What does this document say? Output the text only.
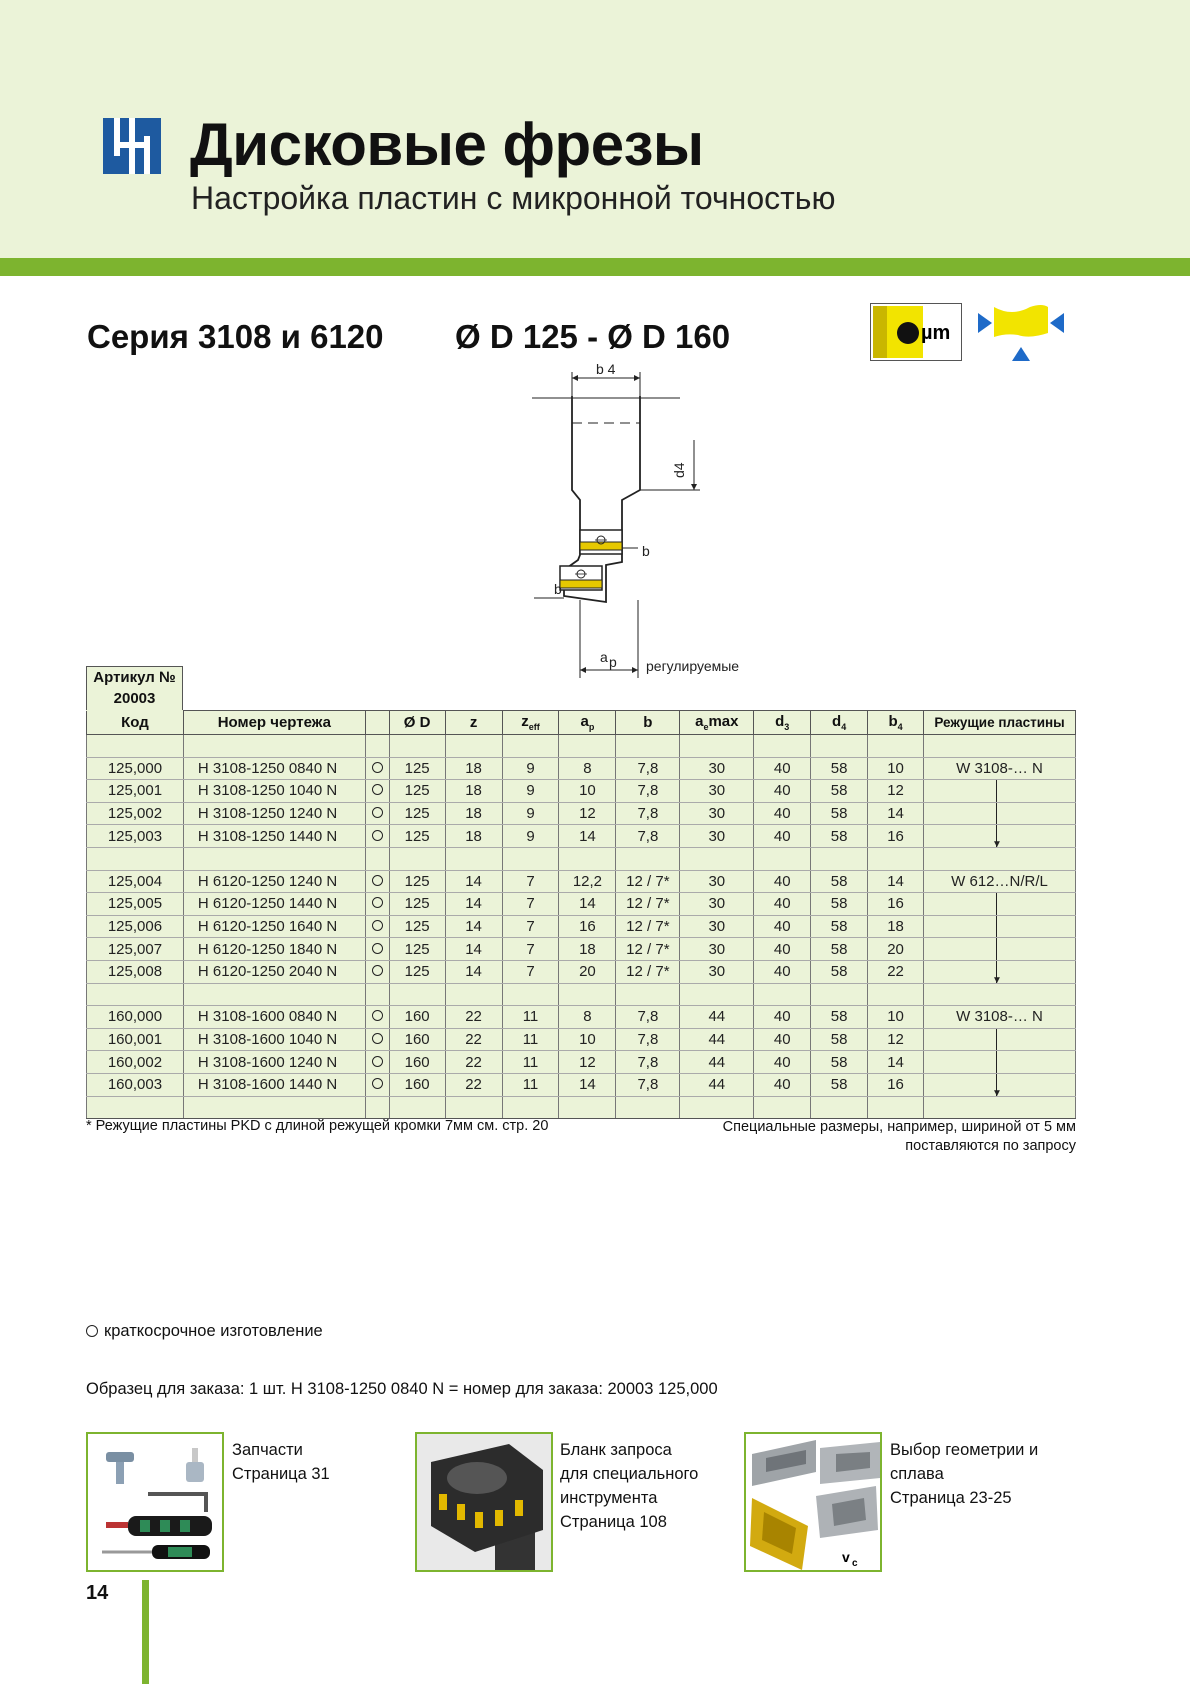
Дисковые фрезы
Настройка пластин с микронной точностью
Серия 3108 и 6120 Ø D 125 - Ø D 160	µm
b 4
d4
b
b
a p регулируемые
Артикул №
20003
Код	Номер чертежа		Ø D	z	$z_{eff}$	$a_p$	b	$a_e\max$	$d_3$	$d_4$	$b_4$	Режущие пластины

125,000	H 3108-1250 0840 N		125	18	9	8	7,8	30	40	58	10	W 3108-… N
125,001	H 3108-1250 1040 N		125	18	9	10	7,8	30	40	58	12	

125,002	H 3108-1250 1240 N		125	18	9	12	7,8	30	40	58	14	

125,003	H 3108-1250 1440 N		125	18	9	14	7,8	30	40	58	16	▼

125,004	H 6120-1250 1240 N		125	14	7	12,2	12 / 7*	30	40	58	14	W 612…N/R/L
125,005	H 6120-1250 1440 N		125	14	7	14	12 / 7*	30	40	58	16	

125,006	H 6120-1250 1640 N		125	14	7	16	12 / 7*	30	40	58	18	

125,007	H 6120-1250 1840 N		125	14	7	18	12 / 7*	30	40	58	20	

125,008	H 6120-1250 2040 N		125	14	7	20	12 / 7*	30	40	58	22	▼

160,000	H 3108-1600 0840 N		160	22	11	8	7,8	44	40	58	10	W 3108-… N
160,001	H 3108-1600 1040 N		160	22	11	10	7,8	44	40	58	12	

160,002	H 3108-1600 1240 N		160	22	11	12	7,8	44	40	58	14	

160,003	H 3108-1600 1440 N		160	22	11	14	7,8	44	40	58	16	▼

* Режущие пластины PKD с длиной режущей кромки 7мм см. стр. 20	Специальные размеры, например, шириной от 5 мм
поставляются по запросу
краткосрочное изготовление
Образец для заказа: 1 шт. H 3108-1250 0840 N = номер для заказа: 20003 125,000
Запчасти
Страница 31
Бланк запроса
для специального
инструмента
Страница 108
v c
Выбор геометрии и
сплава
Страница 23-25
14
